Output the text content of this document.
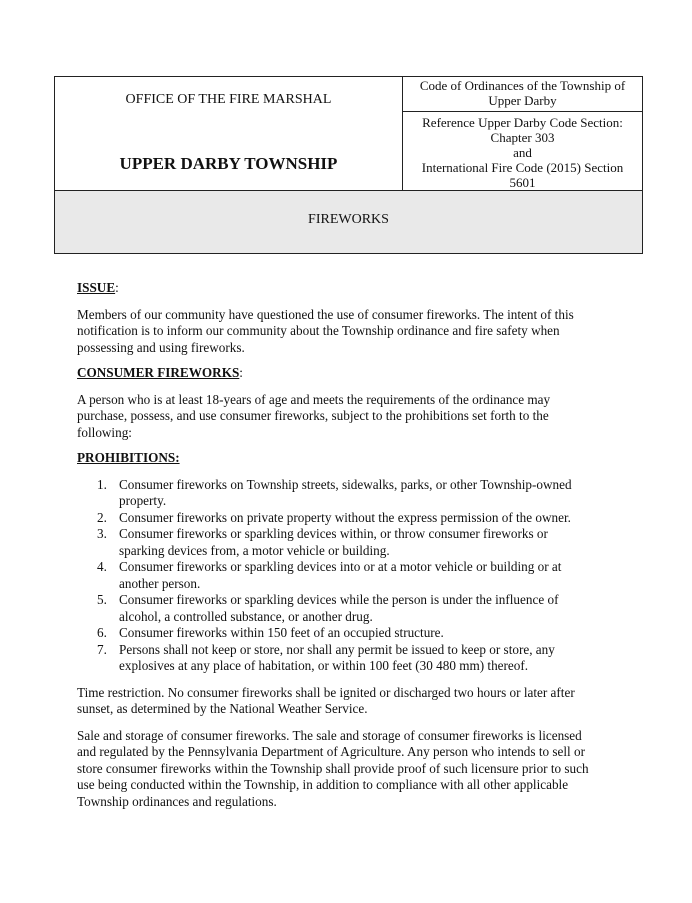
OFFICE OF THE FIRE MARSHAL
UPPER DARBY TOWNSHIP
Code of Ordinances of the Township of
Upper Darby
Reference Upper Darby Code Section:
Chapter 303
and
International Fire Code (2015) Section
5601
FIREWORKS
ISSUE:
Members of our community have questioned the use of consumer fireworks. The intent of this
notification is to inform our community about the Township ordinance and fire safety when
possessing and using fireworks.
CONSUMER FIREWORKS:
A person who is at least 18-years of age and meets the requirements of the ordinance may
purchase, possess, and use consumer fireworks, subject to the prohibitions set forth to the
following:
PROHIBITIONS:
1. Consumer fireworks on Township streets, sidewalks, parks, or other Township-owned
property.
2. Consumer fireworks on private property without the express permission of the owner.
3. Consumer fireworks or sparkling devices within, or throw consumer fireworks or
sparking devices from, a motor vehicle or building.
4. Consumer fireworks or sparkling devices into or at a motor vehicle or building or at
another person.
5. Consumer fireworks or sparkling devices while the person is under the influence of
alcohol, a controlled substance, or another drug.
6. Consumer fireworks within 150 feet of an occupied structure.
7. Persons shall not keep or store, nor shall any permit be issued to keep or store, any
explosives at any place of habitation, or within 100 feet (30 480 mm) thereof.
Time restriction. No consumer fireworks shall be ignited or discharged two hours or later after
sunset, as determined by the National Weather Service.
Sale and storage of consumer fireworks. The sale and storage of consumer fireworks is licensed
and regulated by the Pennsylvania Department of Agriculture. Any person who intends to sell or
store consumer fireworks within the Township shall provide proof of such licensure prior to such
use being conducted within the Township, in addition to compliance with all other applicable
Township ordinances and regulations.
